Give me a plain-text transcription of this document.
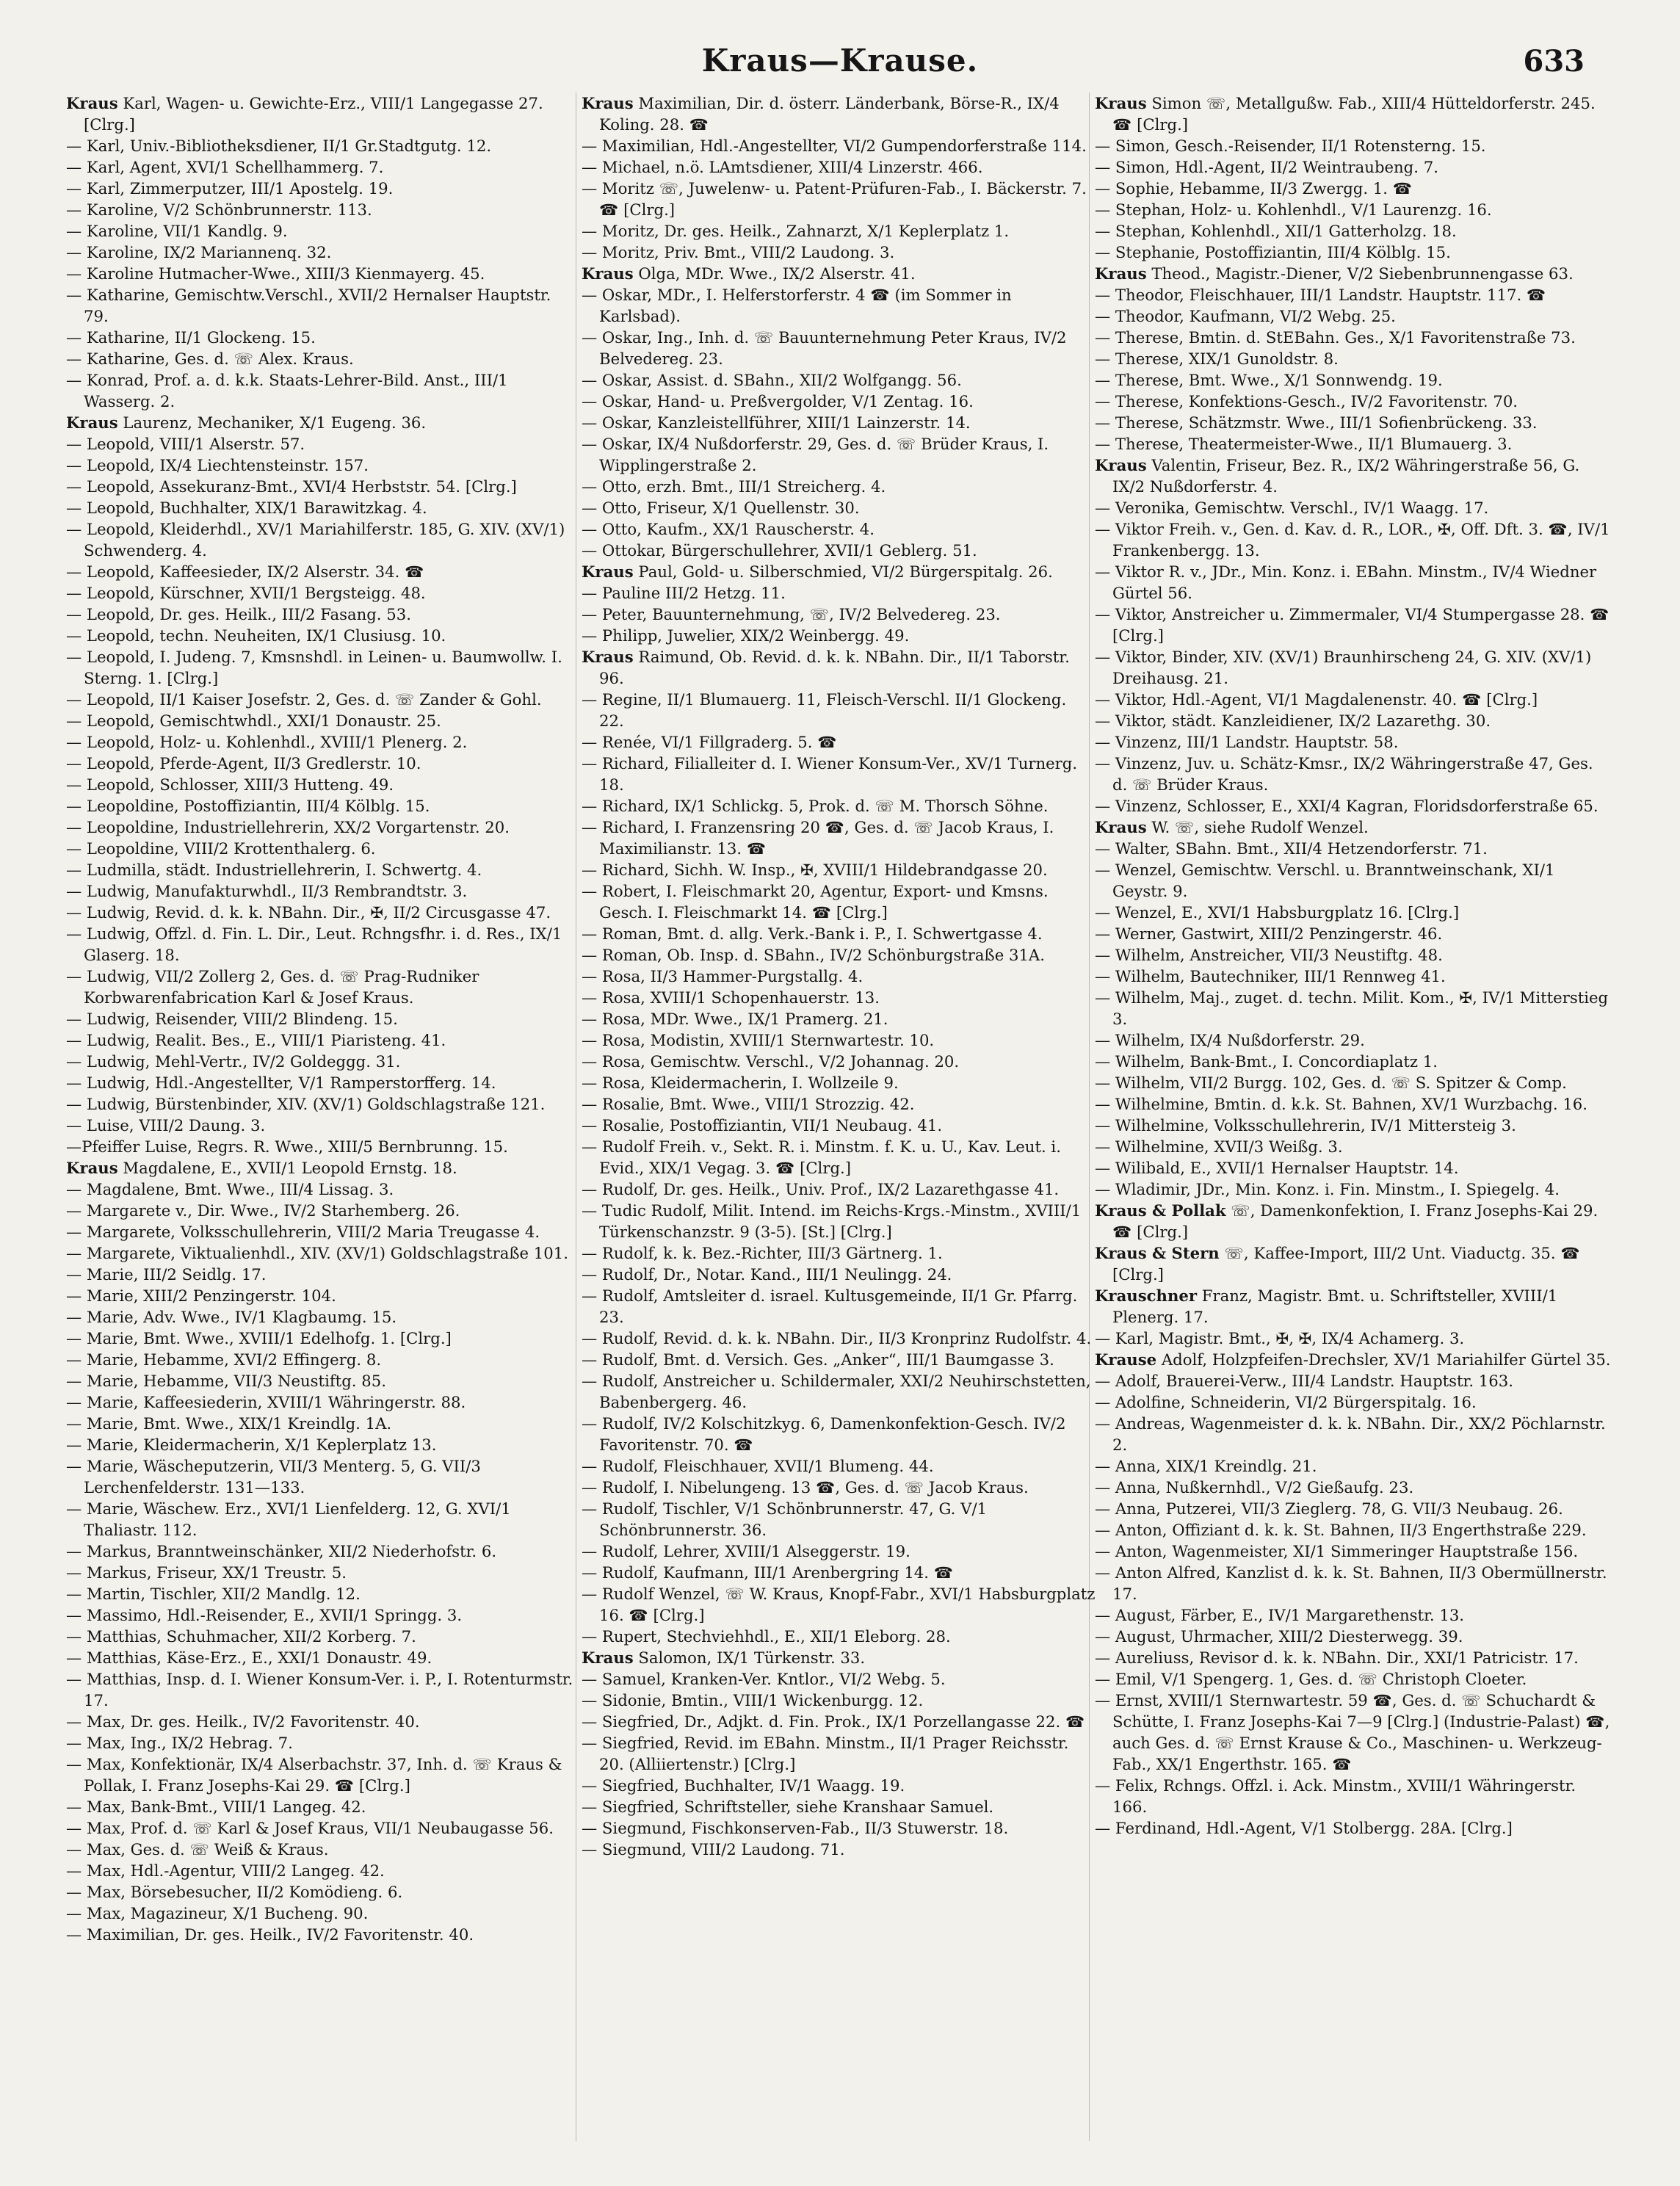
Kraus—Krause.	633

Kraus Karl, Wagen- u. Gewichte-Erz., VIII/1 Langegasse 27. [Clrg.]

— Karl, Univ.-Bibliotheksdiener, II/1 Gr.Stadtgutg. 12.

— Karl, Agent, XVI/1 Schellhammerg. 7.

— Karl, Zimmerputzer, III/1 Apostelg. 19.

— Karoline, V/2 Schönbrunnerstr. 113.

— Karoline, VII/1 Kandlg. 9.

— Karoline, IX/2 Mariannenq. 32.

— Karoline Hutmacher-Wwe., XIII/3 Kienmayerg. 45.

— Katharine, Gemischtw.Verschl., XVII/2 Hernalser Hauptstr. 79.

— Katharine, II/1 Glockeng. 15.

— Katharine, Ges. d. ☏ Alex. Kraus.

— Konrad, Prof. a. d. k.k. Staats-Lehrer-Bild. Anst., III/1 Wasserg. 2.

Kraus Laurenz, Mechaniker, X/1 Eugeng. 36.

— Leopold, VIII/1 Alserstr. 57.

— Leopold, IX/4 Liechtensteinstr. 157.

— Leopold, Assekuranz-Bmt., XVI/4 Herbststr. 54. [Clrg.]

— Leopold, Buchhalter, XIX/1 Barawitzkag. 4.

— Leopold, Kleiderhdl., XV/1 Mariahilferstr. 185, G. XIV. (XV/1) Schwenderg. 4.

— Leopold, Kaffeesieder, IX/2 Alserstr. 34. ☎

— Leopold, Kürschner, XVII/1 Bergsteigg. 48.

— Leopold, Dr. ges. Heilk., III/2 Fasang. 53.

— Leopold, techn. Neuheiten, IX/1 Clusiusg. 10.

— Leopold, I. Judeng. 7, Kmsnshdl. in Leinen- u. Baumwollw. I. Sterng. 1. [Clrg.]

— Leopold, II/1 Kaiser Josefstr. 2, Ges. d. ☏ Zander & Gohl.

— Leopold, Gemischtwhdl., XXI/1 Donaustr. 25.

— Leopold, Holz- u. Kohlenhdl., XVIII/1 Plenerg. 2.

— Leopold, Pferde-Agent, II/3 Gredlerstr. 10.

— Leopold, Schlosser, XIII/3 Hutteng. 49.

— Leopoldine, Postoffiziantin, III/4 Kölblg. 15.

— Leopoldine, Industriellehrerin, XX/2 Vorgartenstr. 20.

— Leopoldine, VIII/2 Krottenthalerg. 6.

— Ludmilla, städt. Industriellehrerin, I. Schwertg. 4.

— Ludwig, Manufakturwhdl., II/3 Rembrandtstr. 3.

— Ludwig, Revid. d. k. k. NBahn. Dir., ✠, II/2 Circusgasse 47.

— Ludwig, Offzl. d. Fin. L. Dir., Leut. Rchngsfhr. i. d. Res., IX/1 Glaserg. 18.

— Ludwig, VII/2 Zollerg 2, Ges. d. ☏ Prag-Rudniker Korbwarenfabrication Karl & Josef Kraus.

— Ludwig, Reisender, VIII/2 Blindeng. 15.

— Ludwig, Realit. Bes., E., VIII/1 Piaristeng. 41.

— Ludwig, Mehl-Vertr., IV/2 Goldeggg. 31.

— Ludwig, Hdl.-Angestellter, V/1 Ramperstorfferg. 14.

— Ludwig, Bürstenbinder, XIV. (XV/1) Goldschlagstraße 121.

— Luise, VIII/2 Daung. 3.

—Pfeiffer Luise, Regrs. R. Wwe., XIII/5 Bernbrunng. 15.

Kraus Magdalene, E., XVII/1 Leopold Ernstg. 18.

— Magdalene, Bmt. Wwe., III/4 Lissag. 3.

— Margarete v., Dir. Wwe., IV/2 Starhemberg. 26.

— Margarete, Volksschullehrerin, VIII/2 Maria Treugasse 4.

— Margarete, Viktualienhdl., XIV. (XV/1) Goldschlagstraße 101.

— Marie, III/2 Seidlg. 17.

— Marie, XIII/2 Penzingerstr. 104.

— Marie, Adv. Wwe., IV/1 Klagbaumg. 15.

— Marie, Bmt. Wwe., XVIII/1 Edelhofg. 1. [Clrg.]

— Marie, Hebamme, XVI/2 Effingerg. 8.

— Marie, Hebamme, VII/3 Neustiftg. 85.

— Marie, Kaffeesiederin, XVIII/1 Währingerstr. 88.

— Marie, Bmt. Wwe., XIX/1 Kreindlg. 1A.

— Marie, Kleidermacherin, X/1 Keplerplatz 13.

— Marie, Wäscheputzerin, VII/3 Menterg. 5, G. VII/3 Lerchenfelderstr. 131—133.

— Marie, Wäschew. Erz., XVI/1 Lienfelderg. 12, G. XVI/1 Thaliastr. 112.

— Markus, Branntweinschänker, XII/2 Niederhofstr. 6.

— Markus, Friseur, XX/1 Treustr. 5.

— Martin, Tischler, XII/2 Mandlg. 12.

— Massimo, Hdl.-Reisender, E., XVII/1 Springg. 3.

— Matthias, Schuhmacher, XII/2 Korberg. 7.

— Matthias, Käse-Erz., E., XXI/1 Donaustr. 49.

— Matthias, Insp. d. I. Wiener Konsum-Ver. i. P., I. Rotenturmstr. 17.

— Max, Dr. ges. Heilk., IV/2 Favoritenstr. 40.

— Max, Ing., IX/2 Hebrag. 7.

— Max, Konfektionär, IX/4 Alserbachstr. 37, Inh. d. ☏ Kraus & Pollak, I. Franz Josephs-Kai 29. ☎ [Clrg.]

— Max, Bank-Bmt., VIII/1 Langeg. 42.

— Max, Prof. d. ☏ Karl & Josef Kraus, VII/1 Neubaugasse 56.

— Max, Ges. d. ☏ Weiß & Kraus.

— Max, Hdl.-Agentur, VIII/2 Langeg. 42.

— Max, Börsebesucher, II/2 Komödieng. 6.

— Max, Magazineur, X/1 Bucheng. 90.

— Maximilian, Dr. ges. Heilk., IV/2 Favoritenstr. 40.

Kraus Maximilian, Dir. d. österr. Länderbank, Börse-R., IX/4 Koling. 28. ☎

— Maximilian, Hdl.-Angestellter, VI/2 Gumpendorferstraße 114.

— Michael, n.ö. LAmtsdiener, XIII/4 Linzerstr. 466.

— Moritz ☏, Juwelenw- u. Patent-Prüfuren-Fab., I. Bäckerstr. 7. ☎ [Clrg.]

— Moritz, Dr. ges. Heilk., Zahnarzt, X/1 Keplerplatz 1.

— Moritz, Priv. Bmt., VIII/2 Laudong. 3.

Kraus Olga, MDr. Wwe., IX/2 Alserstr. 41.

— Oskar, MDr., I. Helferstorferstr. 4 ☎ (im Sommer in Karlsbad).

— Oskar, Ing., Inh. d. ☏ Bauunternehmung Peter Kraus, IV/2 Belvedereg. 23.

— Oskar, Assist. d. SBahn., XII/2 Wolfgangg. 56.

— Oskar, Hand- u. Preßvergolder, V/1 Zentag. 16.

— Oskar, Kanzleistellführer, XIII/1 Lainzerstr. 14.

— Oskar, IX/4 Nußdorferstr. 29, Ges. d. ☏ Brüder Kraus, I. Wipplingerstraße 2.

— Otto, erzh. Bmt., III/1 Streicherg. 4.

— Otto, Friseur, X/1 Quellenstr. 30.

— Otto, Kaufm., XX/1 Rauscherstr. 4.

— Ottokar, Bürgerschullehrer, XVII/1 Geblerg. 51.

Kraus Paul, Gold- u. Silberschmied, VI/2 Bürgerspitalg. 26.

— Pauline III/2 Hetzg. 11.

— Peter, Bauunternehmung, ☏, IV/2 Belvedereg. 23.

— Philipp, Juwelier, XIX/2 Weinbergg. 49.

Kraus Raimund, Ob. Revid. d. k. k. NBahn. Dir., II/1 Taborstr. 96.

— Regine, II/1 Blumauerg. 11, Fleisch-Verschl. II/1 Glockeng. 22.

— Renée, VI/1 Fillgraderg. 5. ☎

— Richard, Filialleiter d. I. Wiener Konsum-Ver., XV/1 Turnerg. 18.

— Richard, IX/1 Schlickg. 5, Prok. d. ☏ M. Thorsch Söhne.

— Richard, I. Franzensring 20 ☎, Ges. d. ☏ Jacob Kraus, I. Maximilianstr. 13. ☎

— Richard, Sichh. W. Insp., ✠, XVIII/1 Hildebrandgasse 20.

— Robert, I. Fleischmarkt 20, Agentur, Export- und Kmsns. Gesch. I. Fleischmarkt 14. ☎ [Clrg.]

— Roman, Bmt. d. allg. Verk.-Bank i. P., I. Schwertgasse 4.

— Roman, Ob. Insp. d. SBahn., IV/2 Schönburgstraße 31A.

— Rosa, II/3 Hammer-Purgstallg. 4.

— Rosa, XVIII/1 Schopenhauerstr. 13.

— Rosa, MDr. Wwe., IX/1 Pramerg. 21.

— Rosa, Modistin, XVIII/1 Sternwartestr. 10.

— Rosa, Gemischtw. Verschl., V/2 Johannag. 20.

— Rosa, Kleidermacherin, I. Wollzeile 9.

— Rosalie, Bmt. Wwe., VIII/1 Strozzig. 42.

— Rosalie, Postoffiziantin, VII/1 Neubaug. 41.

— Rudolf Freih. v., Sekt. R. i. Minstm. f. K. u. U., Kav. Leut. i. Evid., XIX/1 Vegag. 3. ☎ [Clrg.]

— Rudolf, Dr. ges. Heilk., Univ. Prof., IX/2 Lazarethgasse 41.

— Tudic Rudolf, Milit. Intend. im Reichs-Krgs.-Minstm., XVIII/1 Türkenschanzstr. 9 (3-5). [St.] [Clrg.]

— Rudolf, k. k. Bez.-Richter, III/3 Gärtnerg. 1.

— Rudolf, Dr., Notar. Kand., III/1 Neulingg. 24.

— Rudolf, Amtsleiter d. israel. Kultusgemeinde, II/1 Gr. Pfarrg. 23.

— Rudolf, Revid. d. k. k. NBahn. Dir., II/3 Kronprinz Rudolfstr. 4.

— Rudolf, Bmt. d. Versich. Ges. „Anker“, III/1 Baumgasse 3.

— Rudolf, Anstreicher u. Schildermaler, XXI/2 Neuhirschstetten, Babenbergerg. 46.

— Rudolf, IV/2 Kolschitzkyg. 6, Damenkonfektion-Gesch. IV/2 Favoritenstr. 70. ☎

— Rudolf, Fleischhauer, XVII/1 Blumeng. 44.

— Rudolf, I. Nibelungeng. 13 ☎, Ges. d. ☏ Jacob Kraus.

— Rudolf, Tischler, V/1 Schönbrunnerstr. 47, G. V/1 Schönbrunnerstr. 36.

— Rudolf, Lehrer, XVIII/1 Alseggerstr. 19.

— Rudolf, Kaufmann, III/1 Arenbergring 14. ☎

— Rudolf Wenzel, ☏ W. Kraus, Knopf-Fabr., XVI/1 Habsburgplatz 16. ☎ [Clrg.]

— Rupert, Stechviehhdl., E., XII/1 Eleborg. 28.

Kraus Salomon, IX/1 Türkenstr. 33.

— Samuel, Kranken-Ver. Kntlor., VI/2 Webg. 5.

— Sidonie, Bmtin., VIII/1 Wickenburgg. 12.

— Siegfried, Dr., Adjkt. d. Fin. Prok., IX/1 Porzellangasse 22. ☎

— Siegfried, Revid. im EBahn. Minstm., II/1 Prager Reichsstr. 20. (Alliiertenstr.) [Clrg.]

— Siegfried, Buchhalter, IV/1 Waagg. 19.

— Siegfried, Schriftsteller, siehe Kranshaar Samuel.

— Siegmund, Fischkonserven-Fab., II/3 Stuwerstr. 18.

— Siegmund, VIII/2 Laudong. 71.

Kraus Simon ☏, Metallgußw. Fab., XIII/4 Hütteldorferstr. 245. ☎ [Clrg.]

— Simon, Gesch.-Reisender, II/1 Rotensterng. 15.

— Simon, Hdl.-Agent, II/2 Weintraubeng. 7.

— Sophie, Hebamme, II/3 Zwergg. 1. ☎

— Stephan, Holz- u. Kohlenhdl., V/1 Laurenzg. 16.

— Stephan, Kohlenhdl., XII/1 Gatterholzg. 18.

— Stephanie, Postoffiziantin, III/4 Kölblg. 15.

Kraus Theod., Magistr.-Diener, V/2 Siebenbrunnengasse 63.

— Theodor, Fleischhauer, III/1 Landstr. Hauptstr. 117. ☎

— Theodor, Kaufmann, VI/2 Webg. 25.

— Therese, Bmtin. d. StEBahn. Ges., X/1 Favoritenstraße 73.

— Therese, XIX/1 Gunoldstr. 8.

— Therese, Bmt. Wwe., X/1 Sonnwendg. 19.

— Therese, Konfektions-Gesch., IV/2 Favoritenstr. 70.

— Therese, Schätzmstr. Wwe., III/1 Sofienbrückeng. 33.

— Therese, Theatermeister-Wwe., II/1 Blumauerg. 3.

Kraus Valentin, Friseur, Bez. R., IX/2 Währingerstraße 56, G. IX/2 Nußdorferstr. 4.

— Veronika, Gemischtw. Verschl., IV/1 Waagg. 17.

— Viktor Freih. v., Gen. d. Kav. d. R., LOR., ✠, Off. Dft. 3. ☎, IV/1 Frankenbergg. 13.

— Viktor R. v., JDr., Min. Konz. i. EBahn. Minstm., IV/4 Wiedner Gürtel 56.

— Viktor, Anstreicher u. Zimmermaler, VI/4 Stumpergasse 28. ☎ [Clrg.]

— Viktor, Binder, XIV. (XV/1) Braunhirscheng 24, G. XIV. (XV/1) Dreihausg. 21.

— Viktor, Hdl.-Agent, VI/1 Magdalenenstr. 40. ☎ [Clrg.]

— Viktor, städt. Kanzleidiener, IX/2 Lazarethg. 30.

— Vinzenz, III/1 Landstr. Hauptstr. 58.

— Vinzenz, Juv. u. Schätz-Kmsr., IX/2 Währingerstraße 47, Ges. d. ☏ Brüder Kraus.

— Vinzenz, Schlosser, E., XXI/4 Kagran, Floridsdorferstraße 65.

Kraus W. ☏, siehe Rudolf Wenzel.

— Walter, SBahn. Bmt., XII/4 Hetzendorferstr. 71.

— Wenzel, Gemischtw. Verschl. u. Branntweinschank, XI/1 Geystr. 9.

— Wenzel, E., XVI/1 Habsburgplatz 16. [Clrg.]

— Werner, Gastwirt, XIII/2 Penzingerstr. 46.

— Wilhelm, Anstreicher, VII/3 Neustiftg. 48.

— Wilhelm, Bautechniker, III/1 Rennweg 41.

— Wilhelm, Maj., zuget. d. techn. Milit. Kom., ✠, IV/1 Mitterstieg 3.

— Wilhelm, IX/4 Nußdorferstr. 29.

— Wilhelm, Bank-Bmt., I. Concordiaplatz 1.

— Wilhelm, VII/2 Burgg. 102, Ges. d. ☏ S. Spitzer & Comp.

— Wilhelmine, Bmtin. d. k.k. St. Bahnen, XV/1 Wurzbachg. 16.

— Wilhelmine, Volksschullehrerin, IV/1 Mittersteig 3.

— Wilhelmine, XVII/3 Weißg. 3.

— Wilibald, E., XVII/1 Hernalser Hauptstr. 14.

— Wladimir, JDr., Min. Konz. i. Fin. Minstm., I. Spiegelg. 4.

Kraus & Pollak ☏, Damenkonfektion, I. Franz Josephs-Kai 29. ☎ [Clrg.]

Kraus & Stern ☏, Kaffee-Import, III/2 Unt. Viaductg. 35. ☎ [Clrg.]

Krauschner Franz, Magistr. Bmt. u. Schriftsteller, XVIII/1 Plenerg. 17.

— Karl, Magistr. Bmt., ✠, ✠, IX/4 Achamerg. 3.

Krause Adolf, Holzpfeifen-Drechsler, XV/1 Mariahilfer Gürtel 35.

— Adolf, Brauerei-Verw., III/4 Landstr. Hauptstr. 163.

— Adolfine, Schneiderin, VI/2 Bürgerspitalg. 16.

— Andreas, Wagenmeister d. k. k. NBahn. Dir., XX/2 Pöchlarnstr. 2.

— Anna, XIX/1 Kreindlg. 21.

— Anna, Nußkernhdl., V/2 Gießaufg. 23.

— Anna, Putzerei, VII/3 Zieglerg. 78, G. VII/3 Neubaug. 26.

— Anton, Offiziant d. k. k. St. Bahnen, II/3 Engerthstraße 229.

— Anton, Wagenmeister, XI/1 Simmeringer Hauptstraße 156.

— Anton Alfred, Kanzlist d. k. k. St. Bahnen, II/3 Obermüllnerstr. 17.

— August, Färber, E., IV/1 Margarethenstr. 13.

— August, Uhrmacher, XIII/2 Diesterwegg. 39.

— Aureliuss, Revisor d. k. k. NBahn. Dir., XXI/1 Patricistr. 17.

— Emil, V/1 Spengerg. 1, Ges. d. ☏ Christoph Cloeter.

— Ernst, XVIII/1 Sternwartestr. 59 ☎, Ges. d. ☏ Schuchardt & Schütte, I. Franz Josephs-Kai 7—9 [Clrg.] (Industrie-Palast) ☎, auch Ges. d. ☏ Ernst Krause & Co., Maschinen- u. Werkzeug-Fab., XX/1 Engerthstr. 165. ☎

— Felix, Rchngs. Offzl. i. Ack. Minstm., XVIII/1 Währingerstr. 166.

— Ferdinand, Hdl.-Agent, V/1 Stolbergg. 28A. [Clrg.]
